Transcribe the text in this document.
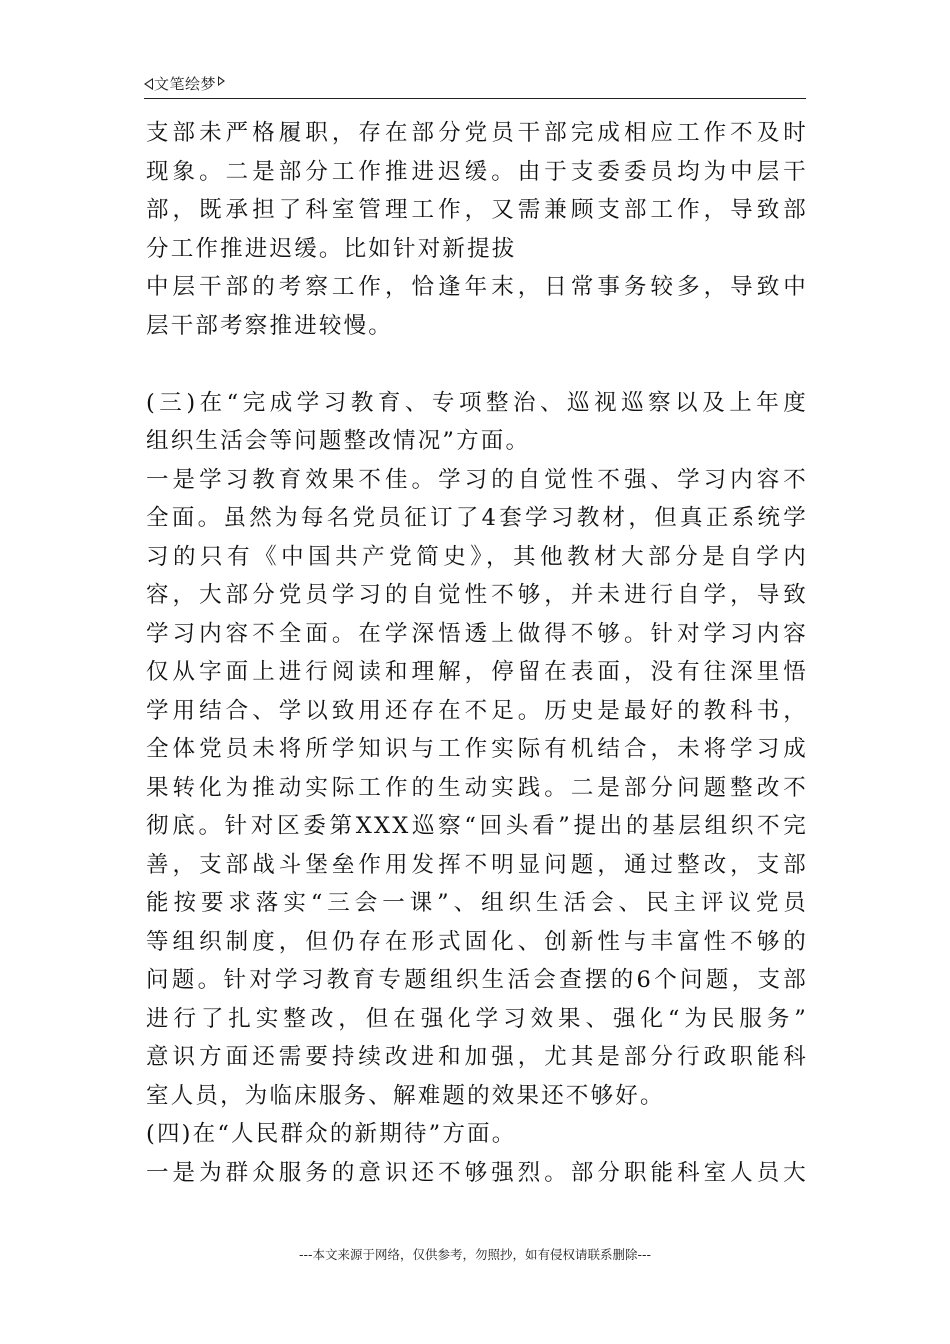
文笔绘梦
支部未严格履职，存在部分党员干部完成相应工作不及时
现象。二是部分工作推进迟缓。由于支委委员均为中层干
部，既承担了科室管理工作，又需兼顾支部工作，导致部
分工作推进迟缓。比如针对新提拔
中层干部的考察工作，恰逢年末，日常事务较多，导致中
层干部考察推进较慢。
(三)在“完成学习教育、专项整治、巡视巡察以及上年度
组织生活会等问题整改情况”方面。
一是学习教育效果不佳。学习的自觉性不强、学习内容不
全面。虽然为每名党员征订了4套学习教材，但真正系统学
习的只有《中国共产党简史》，其他教材大部分是自学内
容，大部分党员学习的自觉性不够，并未进行自学，导致
学习内容不全面。在学深悟透上做得不够。针对学习内容
仅从字面上进行阅读和理解，停留在表面，没有往深里悟
学用结合、学以致用还存在不足。历史是最好的教科书，
全体党员未将所学知识与工作实际有机结合，未将学习成
果转化为推动实际工作的生动实践。二是部分问题整改不
彻底。针对区委第XXX巡察“回头看”提出的基层组织不完
善，支部战斗堡垒作用发挥不明显问题，通过整改，支部
能按要求落实“三会一课”、组织生活会、民主评议党员
等组织制度，但仍存在形式固化、创新性与丰富性不够的
问题。针对学习教育专题组织生活会查摆的6个问题，支部
进行了扎实整改，但在强化学习效果、强化“为民服务”
意识方面还需要持续改进和加强，尤其是部分行政职能科
室人员，为临床服务、解难题的效果还不够好。
(四)在“人民群众的新期待”方面。
一是为群众服务的意识还不够强烈。部分职能科室人员大
---本文来源于网络，仅供参考，勿照抄，如有侵权请联系删除---
